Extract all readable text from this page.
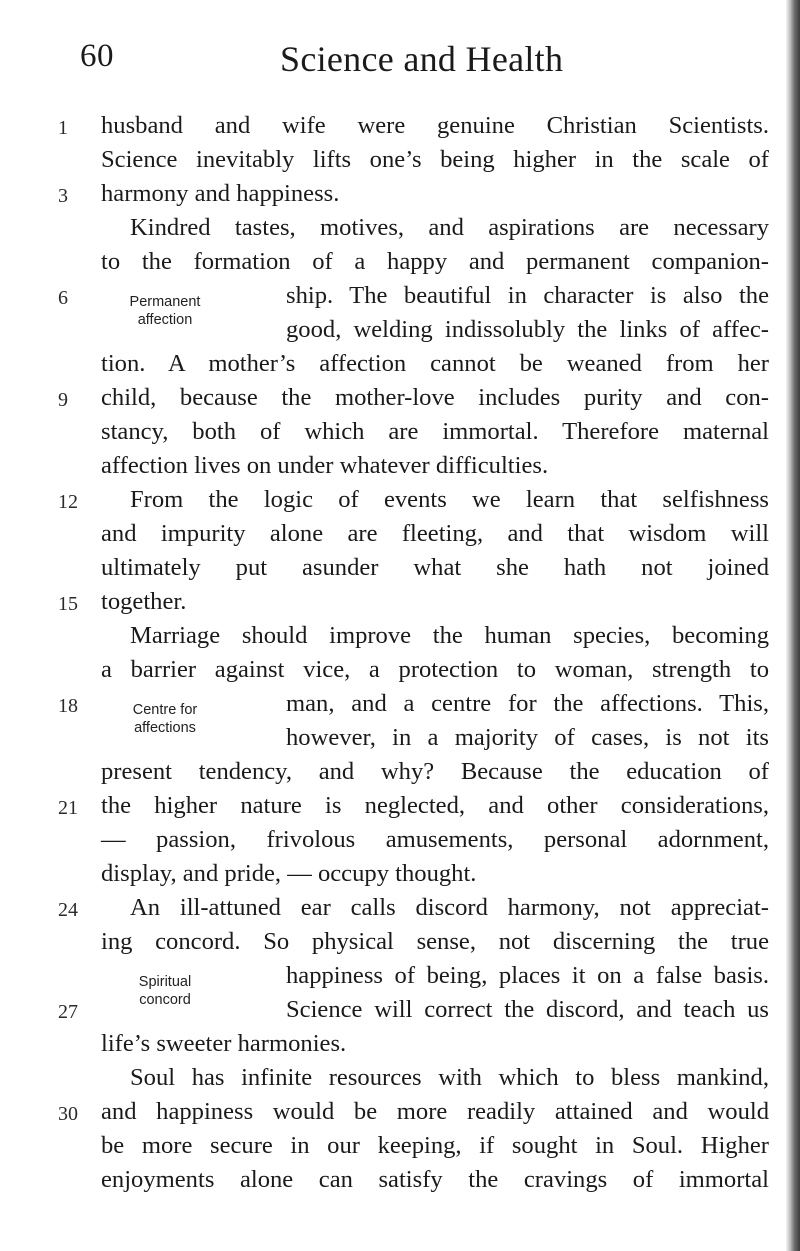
60	Science and Health
1	husband and wife were genuine Christian Scientists.
Science inevitably lifts one’s being higher in the scale of
3	harmony and happiness.
Kindred tastes, motives, and aspirations are necessary
to the formation of a happy and permanent companion-
6	ship. The beautiful in character is also the
good, welding indissolubly the links of affec-
Permanent
affection
tion. A mother’s affection cannot be weaned from her
9	child, because the mother-love includes purity and con-
stancy, both of which are immortal. Therefore maternal
affection lives on under whatever difficulties.
12	From the logic of events we learn that selfishness
and impurity alone are fleeting, and that wisdom will
ultimately put asunder what she hath not joined
15 together.
Marriage should improve the human species, becoming
a barrier against vice, a protection to woman, strength to
18	man, and a centre for the affections. This,
however, in a majority of cases, is not its
Centre for
affections
present tendency, and why? Because the education of
21 the higher nature is neglected, and other considerations,
— passion, frivolous amusements, personal adornment,
display, and pride, — occupy thought.
24	An ill-attuned ear calls discord harmony, not appreciat-
ing concord. So physical sense, not discerning the true
happiness of being, places it on a false basis.
27	Science will correct the discord, and teach us
Spiritual
concord
life’s sweeter harmonies.
Soul has infinite resources with which to bless mankind,
30 and happiness would be more readily attained and would
be more secure in our keeping, if sought in Soul. Higher
enjoyments alone can satisfy the cravings of immortal
